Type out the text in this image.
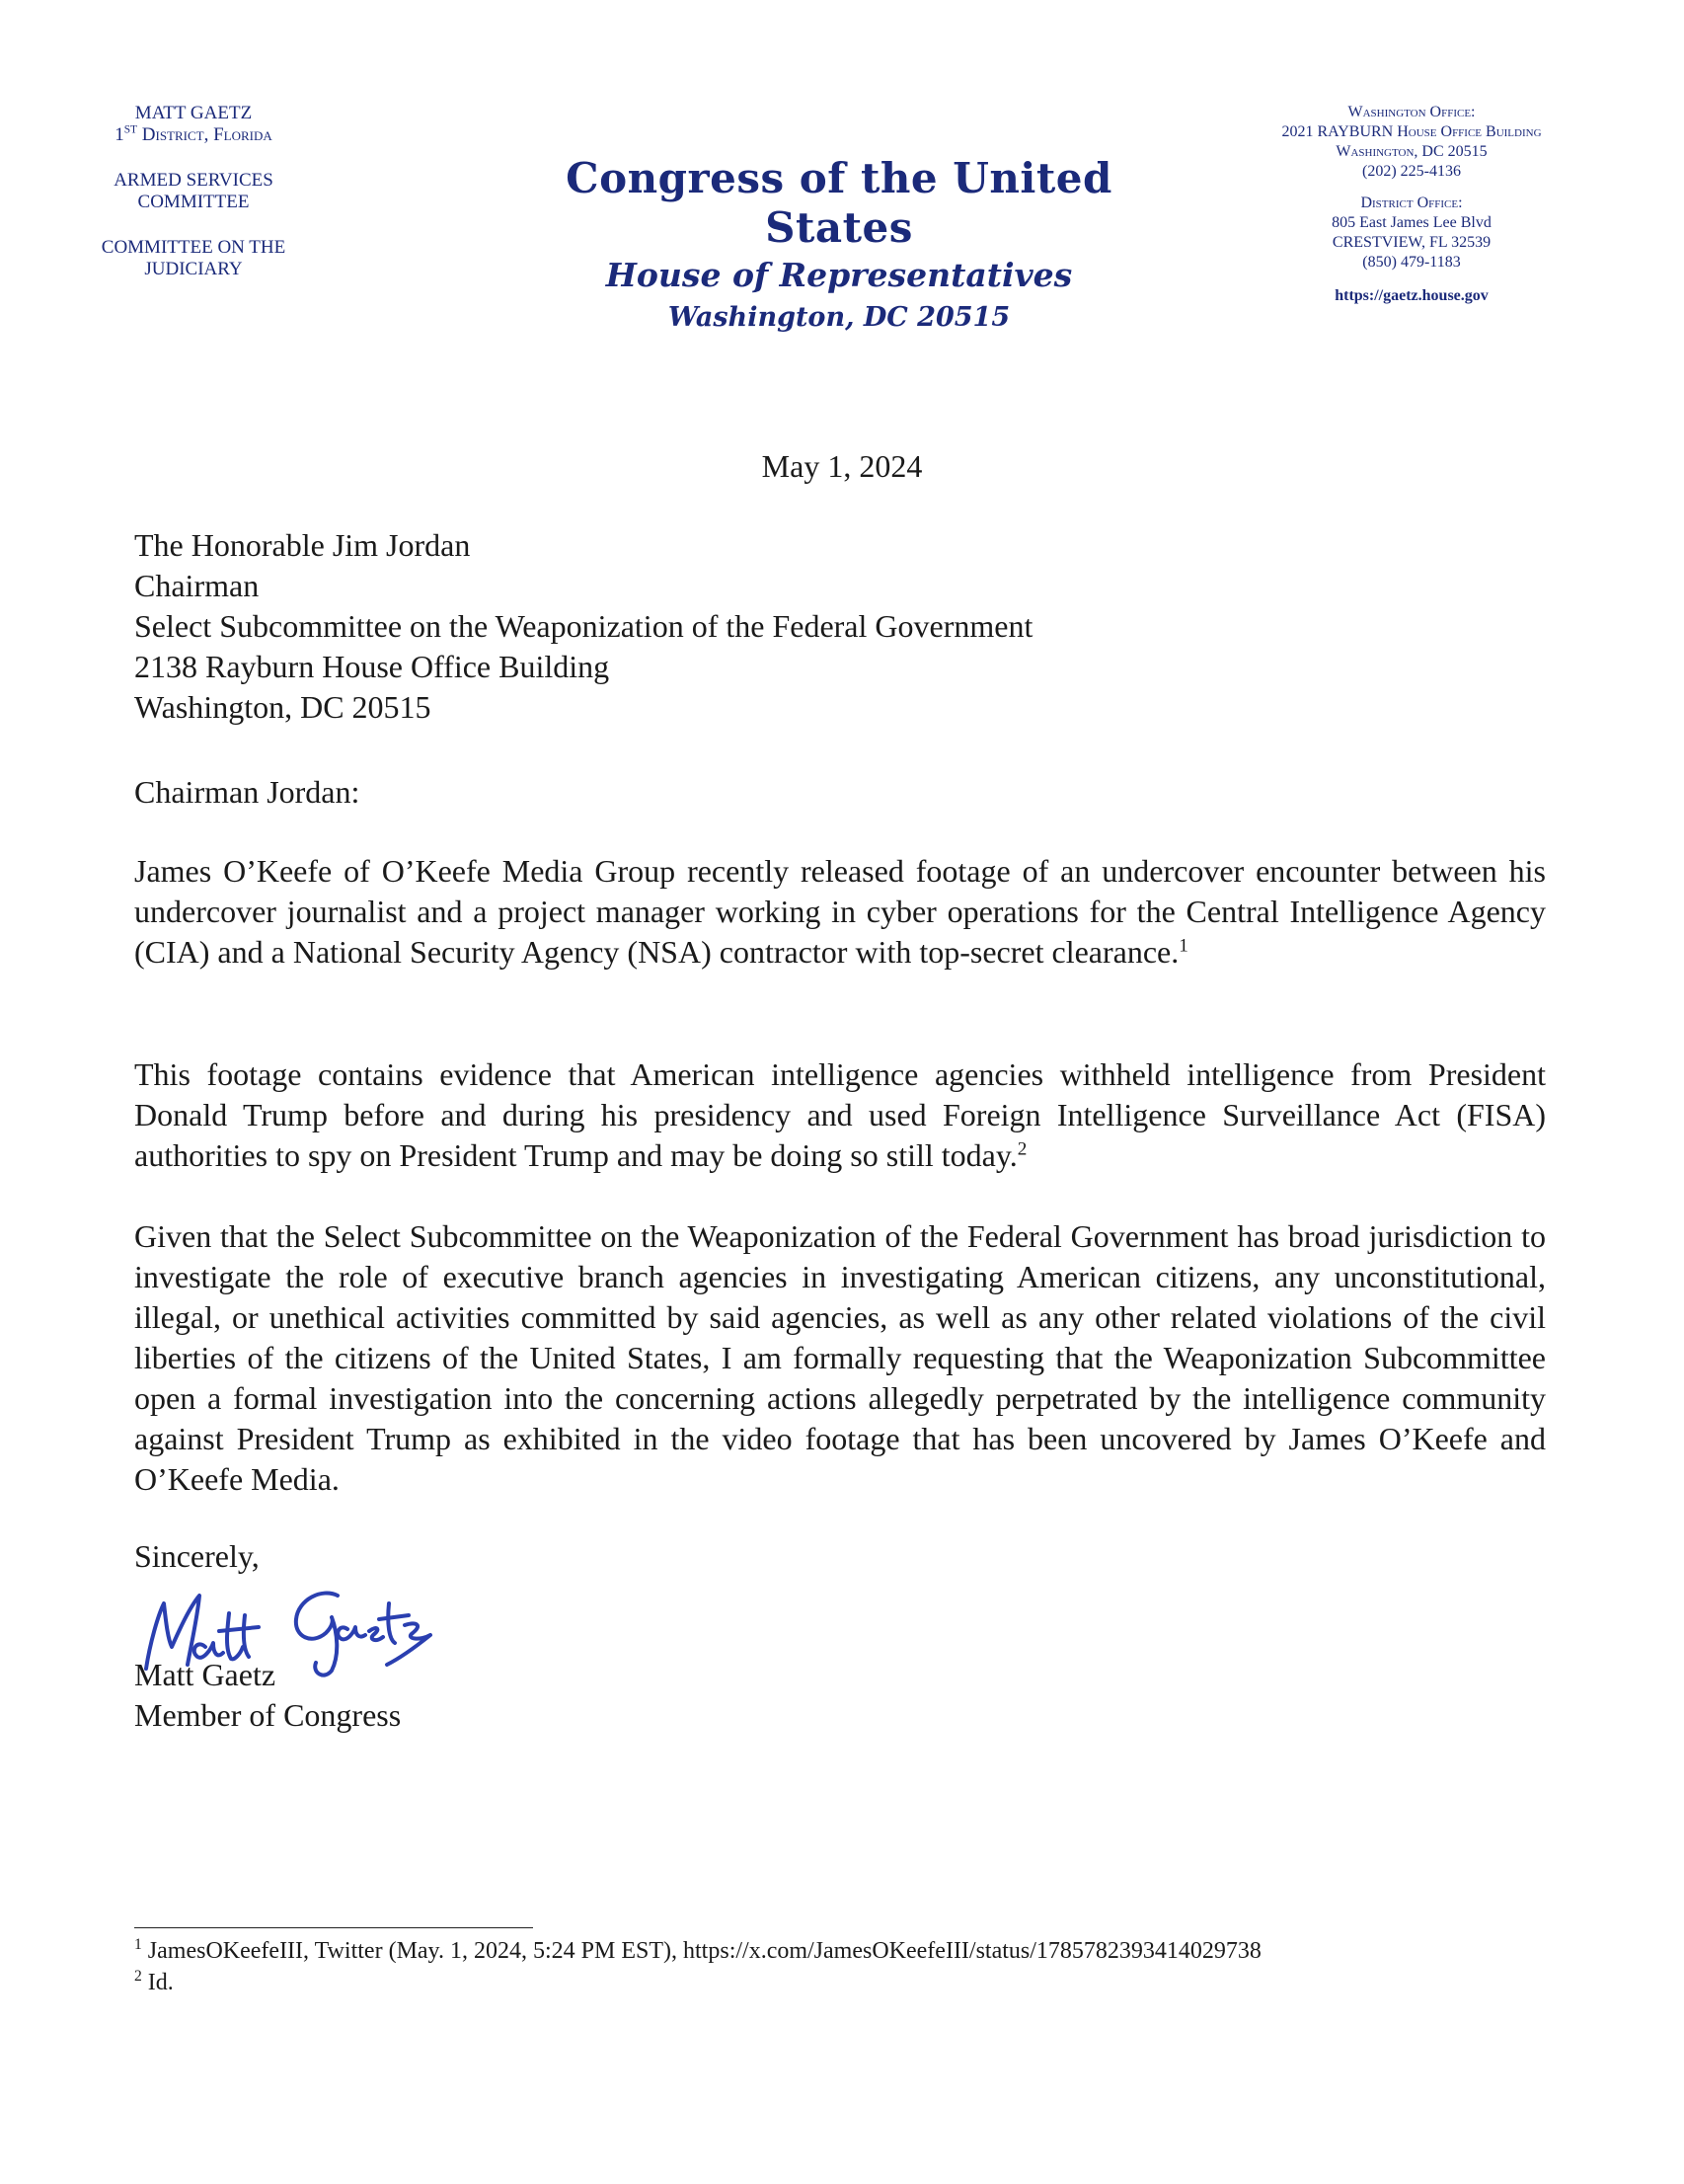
MATT GAETZ
1ST District, Florida
ARMED SERVICES
COMMITTEE
COMMITTEE ON THE
JUDICIARY
Congress of the United States
House of Representatives
Washington, DC 20515
Washington Office:
2021 RAYBURN House Office Building
Washington, DC 20515
(202) 225-4136
District Office:
805 East James Lee Blvd
CRESTVIEW, FL 32539
(850) 479-1183
https://gaetz.house.gov
May 1, 2024
The Honorable Jim Jordan
Chairman
Select Subcommittee on the Weaponization of the Federal Government
2138 Rayburn House Office Building
Washington, DC 20515
Chairman Jordan:
James O’Keefe of O’Keefe Media Group recently released footage of an undercover encounter between his undercover journalist and a project manager working in cyber operations for the Central Intelligence Agency (CIA) and a National Security Agency (NSA) contractor with top-secret clearance.$^1$
This footage contains evidence that American intelligence agencies withheld intelligence from President Donald Trump before and during his presidency and used Foreign Intelligence Surveillance Act (FISA) authorities to spy on President Trump and may be doing so still today.$^2$
Given that the Select Subcommittee on the Weaponization of the Federal Government has broad jurisdiction to investigate the role of executive branch agencies in investigating American citizens, any unconstitutional, illegal, or unethical activities committed by said agencies, as well as any other related violations of the civil liberties of the citizens of the United States, I am formally requesting that the Weaponization Subcommittee open a formal investigation into the concerning actions allegedly perpetrated by the intelligence community against President Trump as exhibited in the video footage that has been uncovered by James O’Keefe and O’Keefe Media.
Sincerely,
Matt Gaetz
Member of Congress
$^1$ JamesOKeefeIII, Twitter (May. 1, 2024, 5:24 PM EST), https://x.com/JamesOKeefeIII/status/1785782393414029738
$^2$ Id.
